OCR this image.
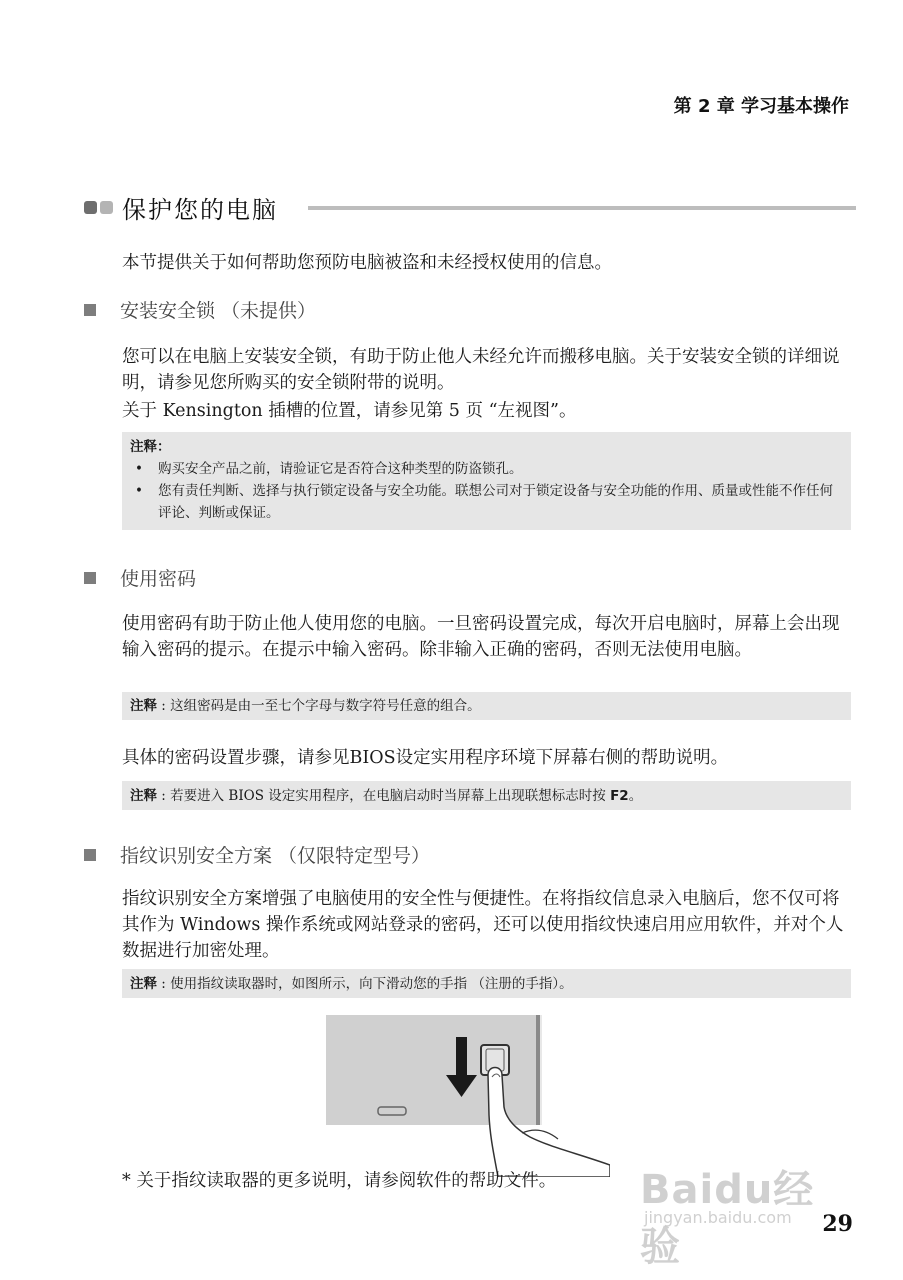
第 2 章 学习基本操作
保护您的电脑
本节提供关于如何帮助您预防电脑被盗和未经授权使用的信息。
安装安全锁 （未提供）
您可以在电脑上安装安全锁，有助于防止他人未经允许而搬移电脑。关于安装安全锁的详细说明，请参见您所购买的安全锁附带的说明。
关于 Kensington 插槽的位置，请参见第 5 页 “左视图”。
注释：
• 购买安全产品之前，请验证它是否符合这种类型的防盗锁孔。
• 您有责任判断、选择与执行锁定设备与安全功能。联想公司对于锁定设备与安全功能的作用、质量或性能不作任何评论、判断或保证。
使用密码
使用密码有助于防止他人使用您的电脑。一旦密码设置完成，每次开启电脑时，屏幕上会出现输入密码的提示。在提示中输入密码。除非输入正确的密码，否则无法使用电脑。
注释 : 这组密码是由一至七个字母与数字符号任意的组合。
具体的密码设置步骤，请参见BIOS设定实用程序环境下屏幕右侧的帮助说明。
注释 : 若要进入 BIOS 设定实用程序，在电脑启动时当屏幕上出现联想标志时按 F2。
指纹识别安全方案 （仅限特定型号）
指纹识别安全方案增强了电脑使用的安全性与便捷性。在将指纹信息录入电脑后，您不仅可将其作为 Windows 操作系统或网站登录的密码，还可以使用指纹快速启用应用软件，并对个人数据进行加密处理。
注释 : 使用指纹读取器时，如图所示，向下滑动您的手指 （注册的手指）。
* 关于指纹读取器的更多说明，请参阅软件的帮助文件。	Baidu经验
jingyan.baidu.com 29
